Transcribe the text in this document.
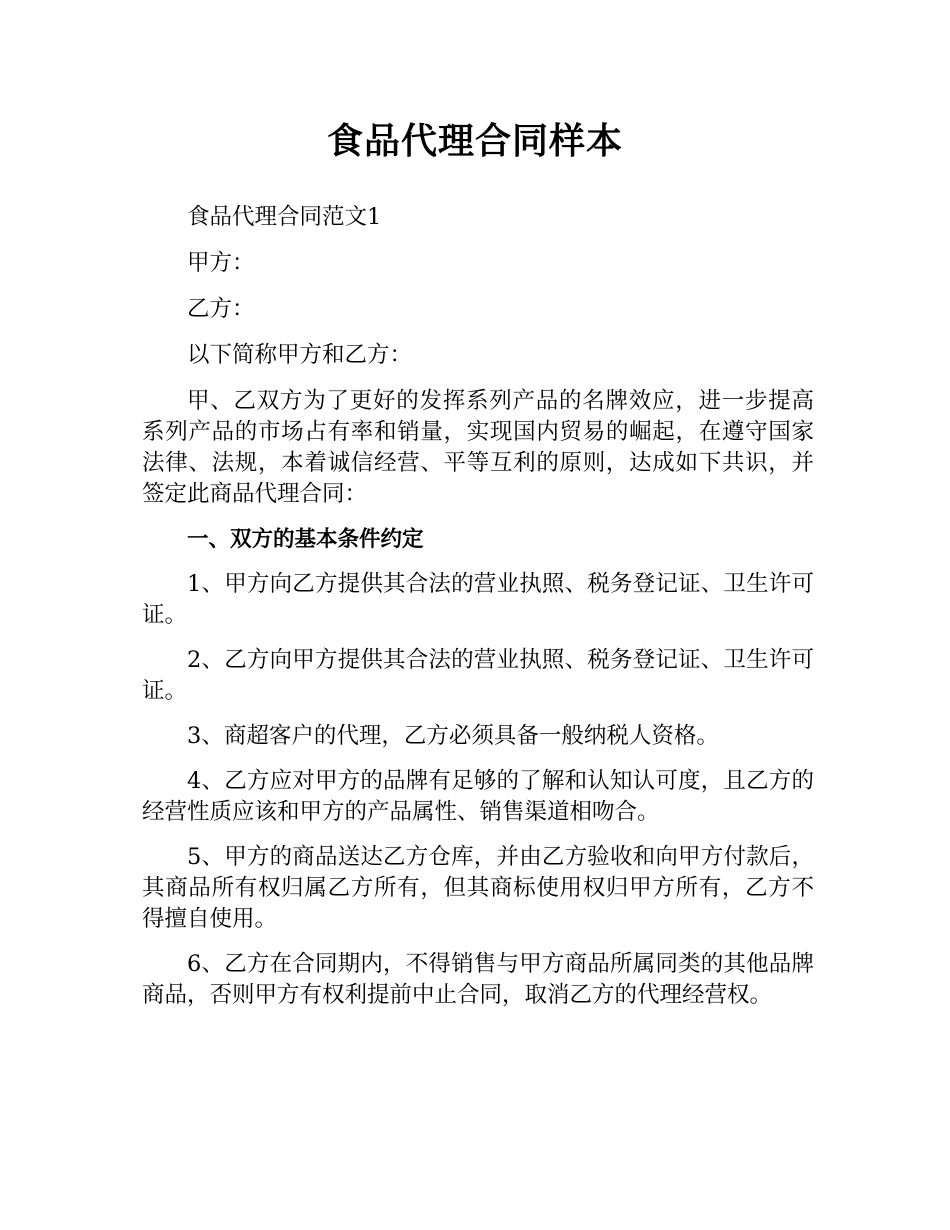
食品代理合同样本

食品代理合同范文1

甲方：

乙方：

以下简称甲方和乙方：

甲、乙双方为了更好的发挥系列产品的名牌效应，进一步提高系列产品的市场占有率和销量，实现国内贸易的崛起，在遵守国家法律、法规，本着诚信经营、平等互利的原则，达成如下共识，并签定此商品代理合同：

一、双方的基本条件约定

1、甲方向乙方提供其合法的营业执照、税务登记证、卫生许可证。

2、乙方向甲方提供其合法的营业执照、税务登记证、卫生许可证。

3、商超客户的代理，乙方必须具备一般纳税人资格。

4、乙方应对甲方的品牌有足够的了解和认知认可度，且乙方的经营性质应该和甲方的产品属性、销售渠道相吻合。

5、甲方的商品送达乙方仓库，并由乙方验收和向甲方付款后，其商品所有权归属乙方所有，但其商标使用权归甲方所有，乙方不得擅自使用。

6、乙方在合同期内，不得销售与甲方商品所属同类的其他品牌商品，否则甲方有权利提前中止合同，取消乙方的代理经营权。
